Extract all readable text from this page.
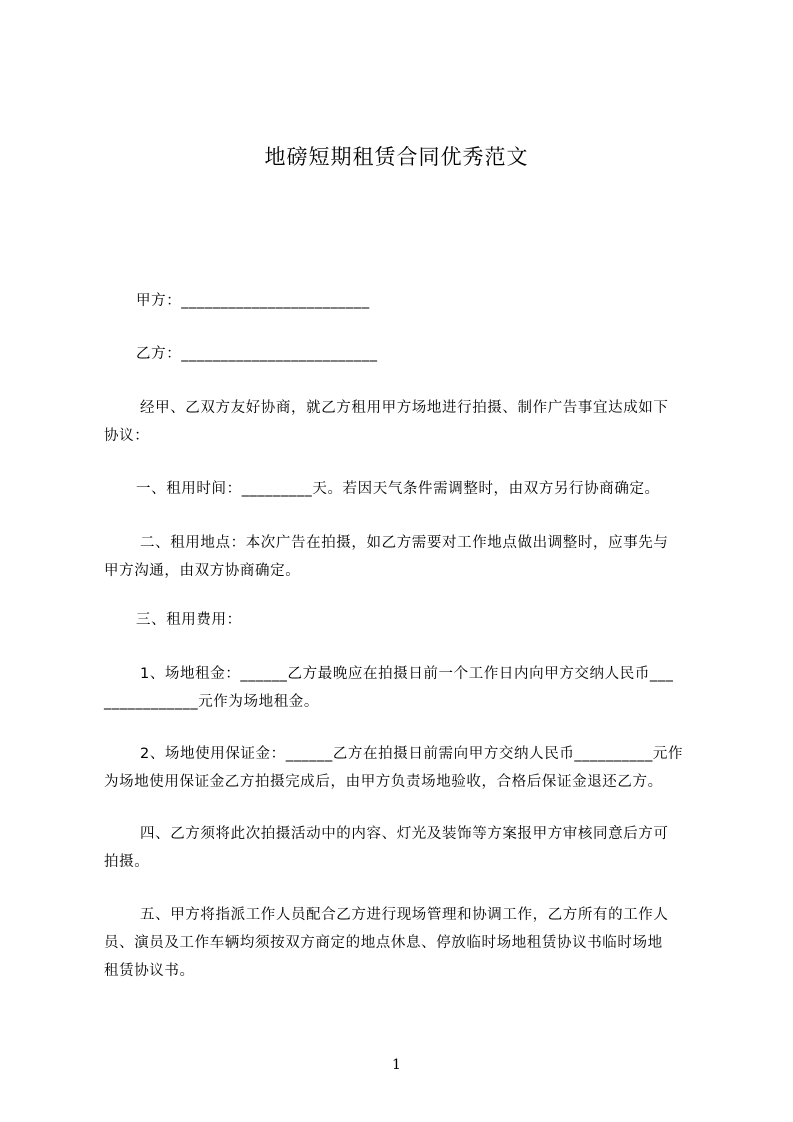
地磅短期租赁合同优秀范文
甲方：________________________
乙方：_________________________
经甲、乙双方友好协商，就乙方租用甲方场地进行拍摄、制作广告事宜达成如下
协议：
一、租用时间：_________天。若因天气条件需调整时，由双方另行协商确定。
二、租用地点：本次广告在拍摄，如乙方需要对工作地点做出调整时，应事先与
甲方沟通，由双方协商确定。
三、租用费用：
1、场地租金：______乙方最晚应在拍摄日前一个工作日内向甲方交纳人民币___
____________元作为场地租金。
2、场地使用保证金：______乙方在拍摄日前需向甲方交纳人民币__________元作
为场地使用保证金乙方拍摄完成后，由甲方负责场地验收，合格后保证金退还乙方。
四、乙方须将此次拍摄活动中的内容、灯光及装饰等方案报甲方审核同意后方可
拍摄。
五、甲方将指派工作人员配合乙方进行现场管理和协调工作，乙方所有的工作人
员、演员及工作车辆均须按双方商定的地点休息、停放临时场地租赁协议书临时场地
租赁协议书。
1
